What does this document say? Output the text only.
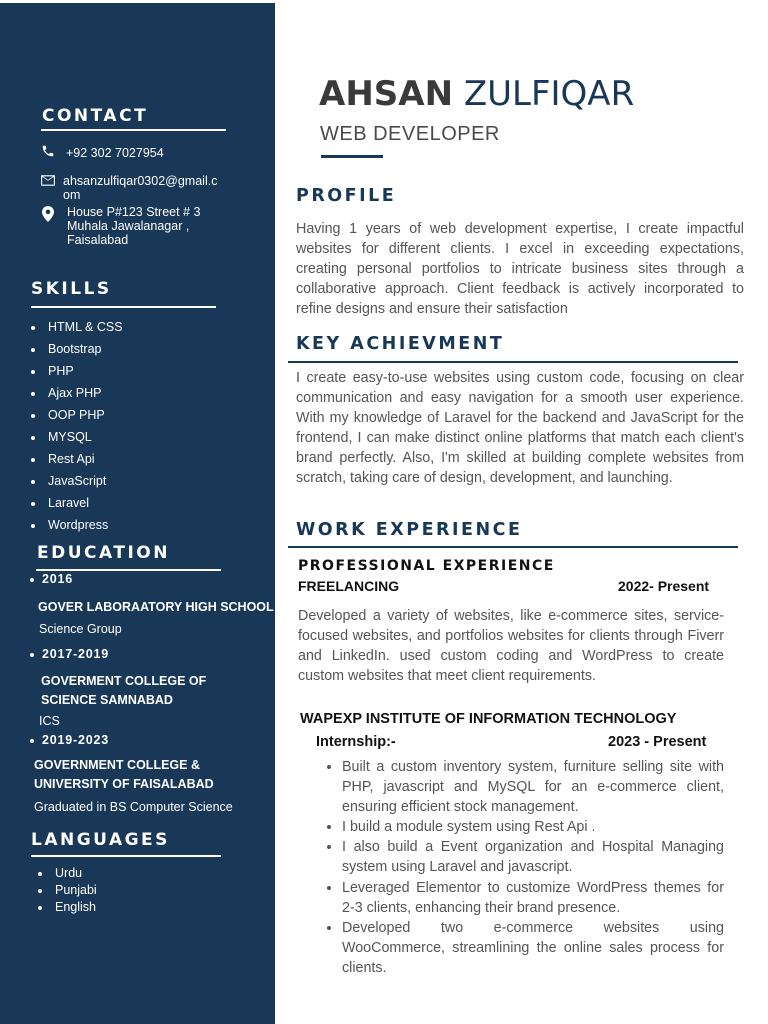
CONTACT
+92 302 7027954
ahsanzulfiqar0302@gmail.com
House P#123 Street # 3 Muhala Jawalanagar , Faisalabad
SKILLS
HTML & CSS
Bootstrap
PHP
Ajax PHP
OOP PHP
MYSQL
Rest Api
JavaScript
Laravel
Wordpress
EDUCATION
2016
GOVER LABORAATORY HIGH SCHOOL
Science Group
2017-2019
GOVERMENT COLLEGE OF SCIENCE SAMNABAD
ICS
2019-2023
GOVERNMENT COLLEGE & UNIVERSITY OF FAISALABAD
Graduated in BS Computer Science
LANGUAGES
Urdu
Punjabi
English
AHSAN ZULFIQAR
WEB DEVELOPER
PROFILE

Having 1 years of web development expertise, I create impactful websites for different clients. I excel in exceeding expectations, creating personal portfolios to intricate business sites through a collaborative approach. Client feedback is actively incorporated to refine designs and ensure their satisfaction

KEY ACHIEVMENT

I create easy-to-use websites using custom code, focusing on clear communication and easy navigation for a smooth user experience. With my knowledge of Laravel for the backend and JavaScript for the frontend, I can make distinct online platforms that match each client's brand perfectly. Also, I'm skilled at building complete websites from scratch, taking care of design, development, and launching.

WORK EXPERIENCE
PROFESSIONAL EXPERIENCE
FREELANCING	2022- Present

Developed a variety of websites, like e-commerce sites, service- focused websites, and portfolios websites for clients through Fiverr and LinkedIn. used custom coding and WordPress to create custom websites that meet client requirements.

WAPEXP INSTITUTE OF INFORMATION TECHNOLOGY
Internship:-	2023 - Present
Built a custom inventory system, furniture selling site with PHP, javascript and MySQL for an e-commerce client, ensuring efficient stock management.
I build a module system using Rest Api .
I also build a Event organization and Hospital Managing system using Laravel and javascript.
Leveraged Elementor to customize WordPress themes for 2-3 clients, enhancing their brand presence.
Developed two e-commerce websites using WooCommerce, streamlining the online sales process for clients.
